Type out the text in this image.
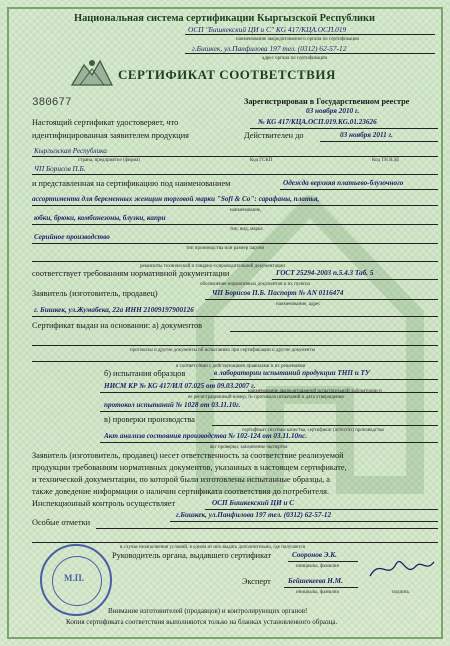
Национальная система сертификации Кыргызской Республики
ОСП "Бишкекский ЦИ и С" KG 417/КЦА.ОСП.019
наименование аккредитованного органа по сертификации
г.Бишкек, ул.Панфилова 197 тел. (0312) 62-57-12
адрес органа по сертификации
СЕРТИФИКАТ СООТВЕТСТВИЯ
380677	Зарегистрирован в Государственном реестре
03 ноября 2010 г.
Настоящий сертификат удостоверяет, что	№ KG 417/КЦА.ОСП.019.KG.01.23626
идентифицированная заявителем продукция	Действителен до	03 ноября 2011 г.
Кыргызская Республика
страна, предприятие (фирма)	Код ГСКП	Код ТН ВЭД
ЧП Борисов П.Б.
и представленная на сертификацию под наименованием	Одежда верхняя платьево-блузочного
ассортимента для беременных женщин торговой марки "Sofi & Co": сарафаны, платья,
наименование,
юбки, брюки, комбинезоны, блузки, капри
тип, вид, марка
Серийное производство
тип производства или размер партии
реквизиты технической и товарно-сопроводительной документации
соответствует требованиям нормативной документации	ГОСТ 25294-2003 п.5.4.3 Таб. 5
обозначение нормативных документов и их пункты
Заявитель (изготовитель, продавец)	ЧП Борисов П.Б. Паспорт № AN 0116474
наименование, адрес
г. Бишкек, ул.Жумабека, 22а ИНН 21009197900126
Сертификат выдан на основании: а) документов
протоколы и другие документы об испытаниях при сертификации и другие документы
в соответствии с действующими правилами и их решениями
б) испытания образцов	в лаборатории испытаний продукции ТНП и ТУ
НИСМ КР № KG 417/ИЛ 07.025 от 09.03.2007 г.
наименование аккредитованной испытательной лаборатории и
ее регистрационный номер, № протокола испытаний и дата утверждения
протокол испытаний № 1028 от 03.11.10г.
в) проверки производства
сертификат системы качества, сертификат (аттестат) производства
Акт анализа состояния производства № 102-124 от 03.11.10пс.
акт проверки, заключение экспертов
Заявитель (изготовитель, продавец) несет ответственность за соответствие реализуемой
продукции требованиям нормативных документов, указанных в настоящем сертификате,
и технической документации, по которой были изготовлены испытанные образцы, а
также доведение информации о наличии сертификата соответствия до потребителя.
Инспекционный контроль осуществляет	ОСП Бишкекский ЦИ и С
г.Бишкек, ул.Панфилова 197 тел. (0312) 62-57-12
Особые отметки
в случае незаполнения условий, в одном из них выдать дополнительно, где получается
М.П.
Руководитель органа, выдавшего сертификат	Сооронов Э.К.
инициалы, фамилия
Эксперт Бейшекеева Н.М.
инициалы, фамилия	подпись
Внимание изготовителей (продавцов) и контролирующих органов!
Копия сертификата соответствия выполняются только на бланках установленного образца.
